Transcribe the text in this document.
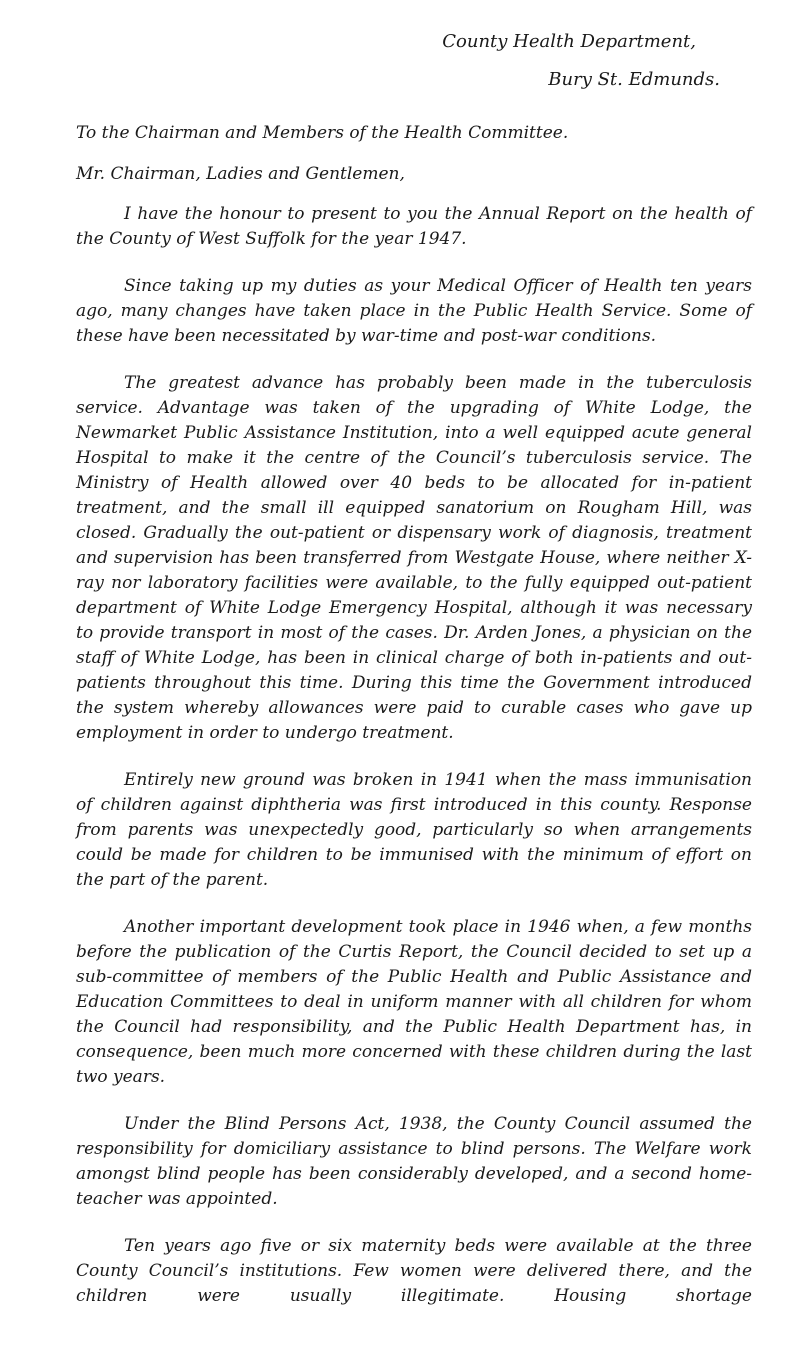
County Health Department,

Bury St. Edmunds.

To the Chairman and Members of the Health Committee.

Mr. Chairman, Ladies and Gentlemen,

I have the honour to present to you the Annual Report on the health of the County of West Suffolk for the year 1947.

Since taking up my duties as your Medical Officer of Health ten years ago, many changes have taken place in the Public Health Service. Some of these have been necessitated by war-time and post-war conditions.

The greatest advance has probably been made in the tuberculosis service. Advantage was taken of the upgrading of White Lodge, the Newmarket Public Assistance Institution, into a well equipped acute general Hospital to make it the centre of the Council’s tuberculosis service. The Ministry of Health allowed over 40 beds to be allocated for in-patient treatment, and the small ill equipped sanatorium on Rougham Hill, was closed. Gradually the out-patient or dispensary work of diagnosis, treatment and supervision has been transferred from Westgate House, where neither X-ray nor laboratory facilities were available, to the fully equipped out-patient department of White Lodge Emergency Hospital, although it was necessary to provide transport in most of the cases. Dr. Arden Jones, a physician on the staff of White Lodge, has been in clinical charge of both in-patients and out-patients throughout this time. During this time the Government introduced the system whereby allowances were paid to curable cases who gave up employment in order to undergo treatment.

Entirely new ground was broken in 1941 when the mass immunisation of children against diphtheria was first introduced in this county. Response from parents was unexpectedly good, particularly so when arrangements could be made for children to be immunised with the minimum of effort on the part of the parent.

Another important development took place in 1946 when, a few months before the publication of the Curtis Report, the Council decided to set up a sub-committee of members of the Public Health and Public Assistance and Education Committees to deal in uniform manner with all children for whom the Council had responsibility, and the Public Health Department has, in consequence, been much more concerned with these children during the last two years.

Under the Blind Persons Act, 1938, the County Council assumed the responsibility for domiciliary assistance to blind persons. The Welfare work amongst blind people has been considerably developed, and a second home-teacher was appointed.

Ten years ago five or six maternity beds were available at the three County Council’s institutions. Few women were delivered there, and the children were usually illegitimate. Housing shortage
